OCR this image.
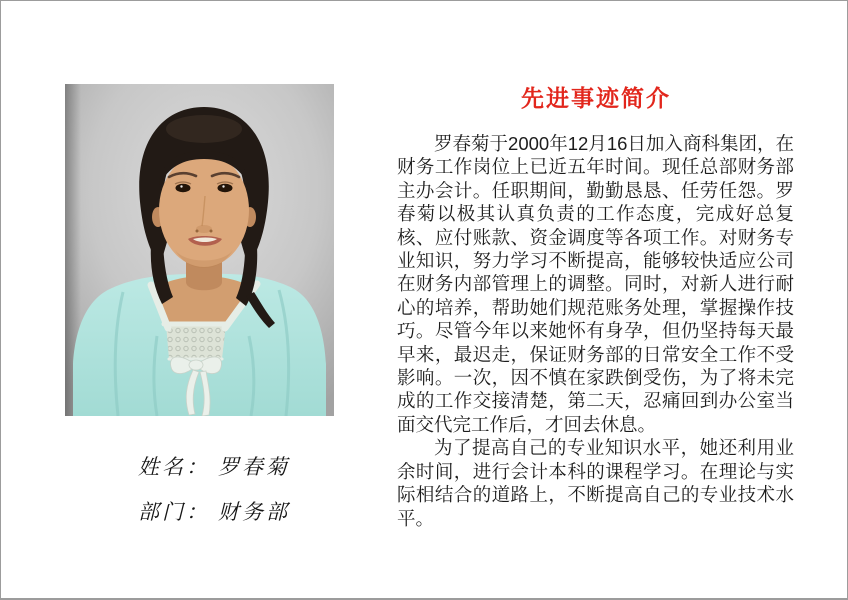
先进事迹简介

罗春菊于2000年12月16日加入商科集团，在财务工作岗位上已近五年时间。现任总部财务部主办会计。任职期间，勤勤恳恳、任劳任怨。罗春菊以极其认真负责的工作态度，完成好总复核、应付账款、资金调度等各项工作。对财务专业知识，努力学习不断提高，能够较快适应公司在财务内部管理上的调整。同时，对新人进行耐心的培养，帮助她们规范账务处理，掌握操作技巧。尽管今年以来她怀有身孕，但仍坚持每天最早来，最迟走，保证财务部的日常安全工作不受影响。一次，因不慎在家跌倒受伤，为了将未完成的工作交接清楚，第二天，忍痛回到办公室当面交代完工作后，才回去休息。

为了提高自己的专业知识水平，她还利用业余时间，进行会计本科的课程学习。在理论与实际相结合的道路上，不断提高自己的专业技术水平。

姓名： 罗春菊
部门： 财务部
